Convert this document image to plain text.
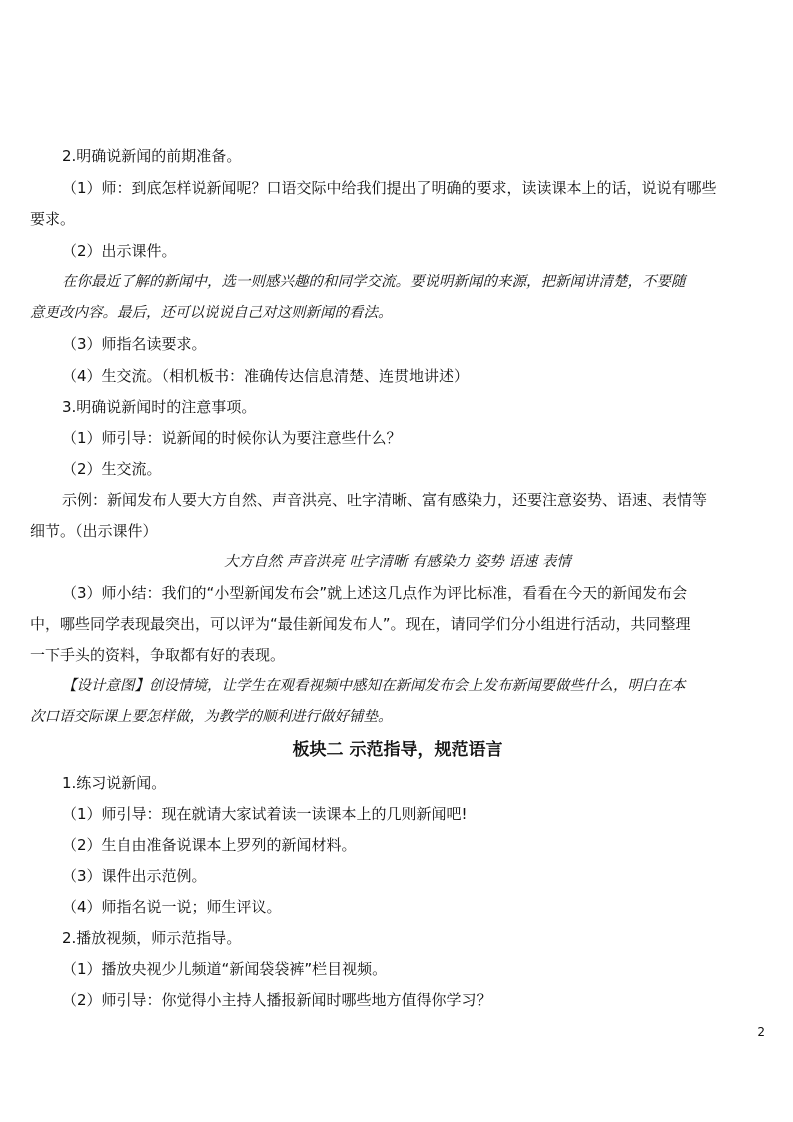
2.明确说新闻的前期准备。
（1）师：到底怎样说新闻呢？口语交际中给我们提出了明确的要求，读读课本上的话，说说有哪些
要求。
（2）出示课件。
在你最近了解的新闻中，选一则感兴趣的和同学交流。要说明新闻的来源，把新闻讲清楚，不要随
意更改内容。最后，还可以说说自己对这则新闻的看法。
（3）师指名读要求。
（4）生交流。（相机板书：准确传达信息清楚、连贯地讲述）
3.明确说新闻时的注意事项。
（1）师引导：说新闻的时候你认为要注意些什么？
（2）生交流。
示例：新闻发布人要大方自然、声音洪亮、吐字清晰、富有感染力，还要注意姿势、语速、表情等
细节。（出示课件）
大方自然 声音洪亮 吐字清晰 有感染力 姿势 语速 表情
（3）师小结：我们的“小型新闻发布会”就上述这几点作为评比标准，看看在今天的新闻发布会
中，哪些同学表现最突出，可以评为“最佳新闻发布人”。现在，请同学们分小组进行活动，共同整理
一下手头的资料，争取都有好的表现。
【设计意图】创设情境，让学生在观看视频中感知在新闻发布会上发布新闻要做些什么，明白在本
次口语交际课上要怎样做，为教学的顺利进行做好铺垫。
板块二 示范指导，规范语言
1.练习说新闻。
（1）师引导：现在就请大家试着读一读课本上的几则新闻吧!
（2）生自由准备说课本上罗列的新闻材料。
（3）课件出示范例。
（4）师指名说一说；师生评议。
2.播放视频，师示范指导。
（1）播放央视少儿频道“新闻袋袋裤”栏目视频。
（2）师引导：你觉得小主持人播报新闻时哪些地方值得你学习？
2
